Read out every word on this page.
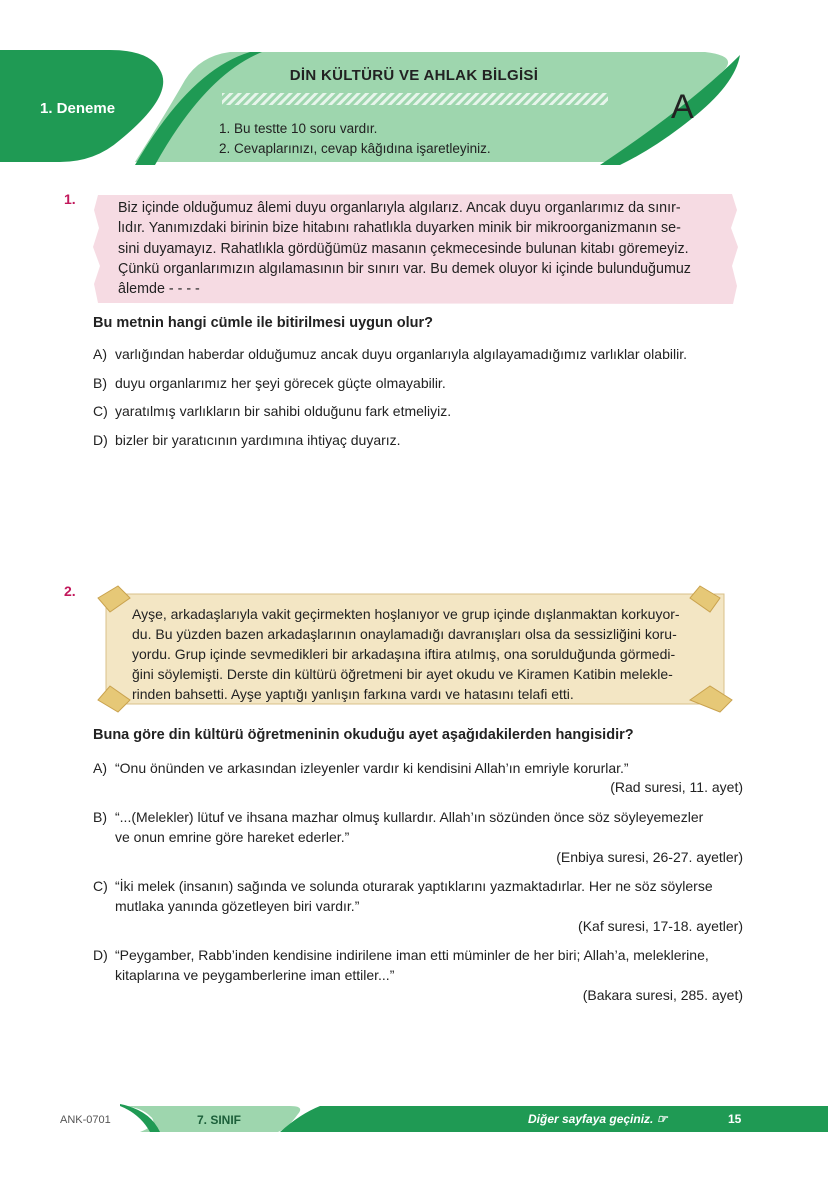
1. Deneme
DİN KÜLTÜRÜ VE AHLAK BİLGİSİ
1. Bu testte 10 soru vardır.
2. Cevaplarınızı, cevap kâğıdına işaretleyiniz.
A
1.
Biz içinde olduğumuz âlemi duyu organlarıyla algılarız. Ancak duyu organlarımız da sınır-
lıdır. Yanımızdaki birinin bize hitabını rahatlıkla duyarken minik bir mikroorganizmanın se-
sini duyamayız. Rahatlıkla gördüğümüz masanın çekmecesinde bulunan kitabı göremeyiz.
Çünkü organlarımızın algılamasının bir sınırı var. Bu demek oluyor ki içinde bulunduğumuz
âlemde - - - -
Bu metnin hangi cümle ile bitirilmesi uygun olur?
A) varlığından haberdar olduğumuz ancak duyu organlarıyla algılayamadığımız varlıklar olabilir.
B) duyu organlarımız her şeyi görecek güçte olmayabilir.
C) yaratılmış varlıkların bir sahibi olduğunu fark etmeliyiz.
D) bizler bir yaratıcının yardımına ihtiyaç duyarız.
2.
Ayşe, arkadaşlarıyla vakit geçirmekten hoşlanıyor ve grup içinde dışlanmaktan korkuyor-
du. Bu yüzden bazen arkadaşlarının onaylamadığı davranışları olsa da sessizliğini koru-
yordu. Grup içinde sevmedikleri bir arkadaşına iftira atılmış, ona sorulduğunda görmedi-
ğini söylemişti. Derste din kültürü öğretmeni bir ayet okudu ve Kiramen Katibin melekle-
rinden bahsetti. Ayşe yaptığı yanlışın farkına vardı ve hatasını telafi etti.
Buna göre din kültürü öğretmeninin okuduğu ayet aşağıdakilerden hangisidir?
A) “Onu önünden ve arkasından izleyenler vardır ki kendisini Allah’ın emriyle korurlar.”
(Rad suresi, 11. ayet)
B) “...(Melekler) lütuf ve ihsana mazhar olmuş kullardır. Allah’ın sözünden önce söz söyleyemezler
ve onun emrine göre hareket ederler.”
(Enbiya suresi, 26-27. ayetler)
C) “İki melek (insanın) sağında ve solunda oturarak yaptıklarını yazmaktadırlar. Her ne söz söylerse
mutlaka yanında gözetleyen biri vardır.”
(Kaf suresi, 17-18. ayetler)
D) “Peygamber, Rabb’inden kendisine indirilene iman etti müminler de her biri; Allah’a, meleklerine,
kitaplarına ve peygamberlerine iman ettiler...”
(Bakara suresi, 285. ayet)
ANK-0701	7. SINIF	Diğer sayfaya geçiniz. ☞	15
